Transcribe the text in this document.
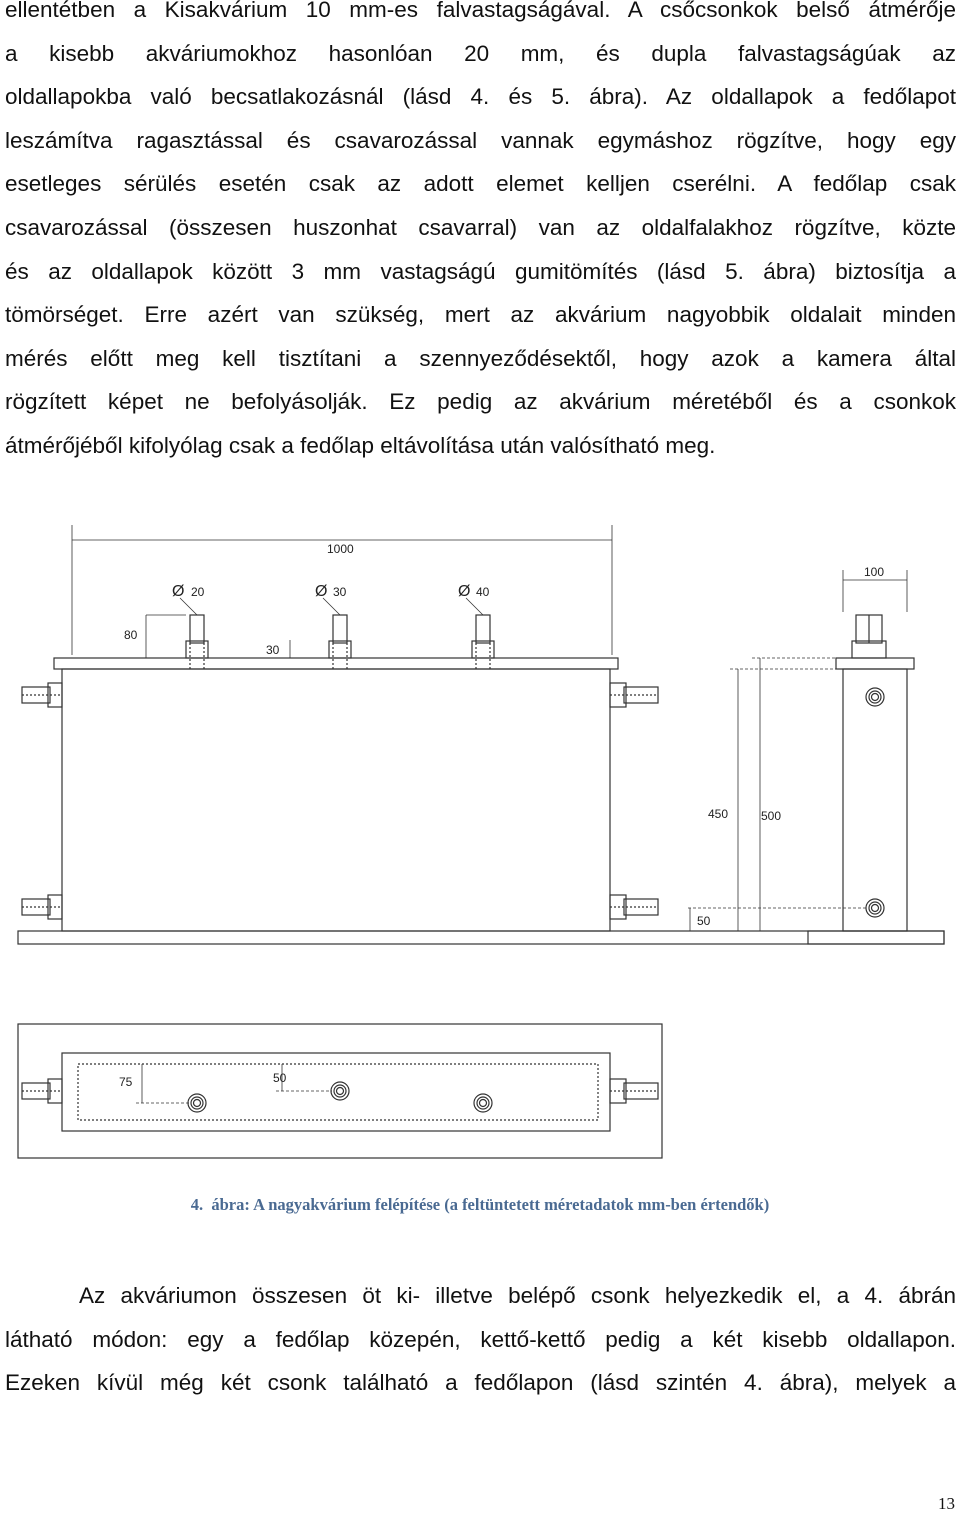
ellentétben a Kisakvárium 10 mm-es falvastagságával. A csőcsonkok belső átmérője
a kisebb akváriumokhoz hasonlóan 20 mm, és dupla falvastagságúak az
oldallapokba való becsatlakozásnál (lásd 4. és 5. ábra). Az oldallapok a fedőlapot
leszámítva ragasztással és csavarozással vannak egymáshoz rögzítve, hogy egy
esetleges sérülés esetén csak az adott elemet kelljen cserélni. A fedőlap csak
csavarozással (összesen huszonhat csavarral) van az oldalfalakhoz rögzítve, közte
és az oldallapok között 3 mm vastagságú gumitömítés (lásd 5. ábra) biztosítja a
tömörséget. Erre azért van szükség, mert az akvárium nagyobbik oldalait minden
mérés előtt meg kell tisztítani a szennyeződésektől, hogy azok a kamera által
rögzített képet ne befolyásolják. Ez pedig az akvárium méretéből és a csonkok
átmérőjéből kifolyólag csak a fedőlap eltávolítása után valósítható meg.
1000
Ø 20	Ø 30	Ø 40
80
30
100
450	500
50
75	50
4. ábra: A nagyakvárium felépítése (a feltüntetett méretadatok mm-ben értendők)
Az akváriumon összesen öt ki- illetve belépő csonk helyezkedik el, a 4. ábrán
látható módon: egy a fedőlap közepén, kettő-kettő pedig a két kisebb oldallapon.
Ezeken kívül még két csonk található a fedőlapon (lásd szintén 4. ábra), melyek a
13
